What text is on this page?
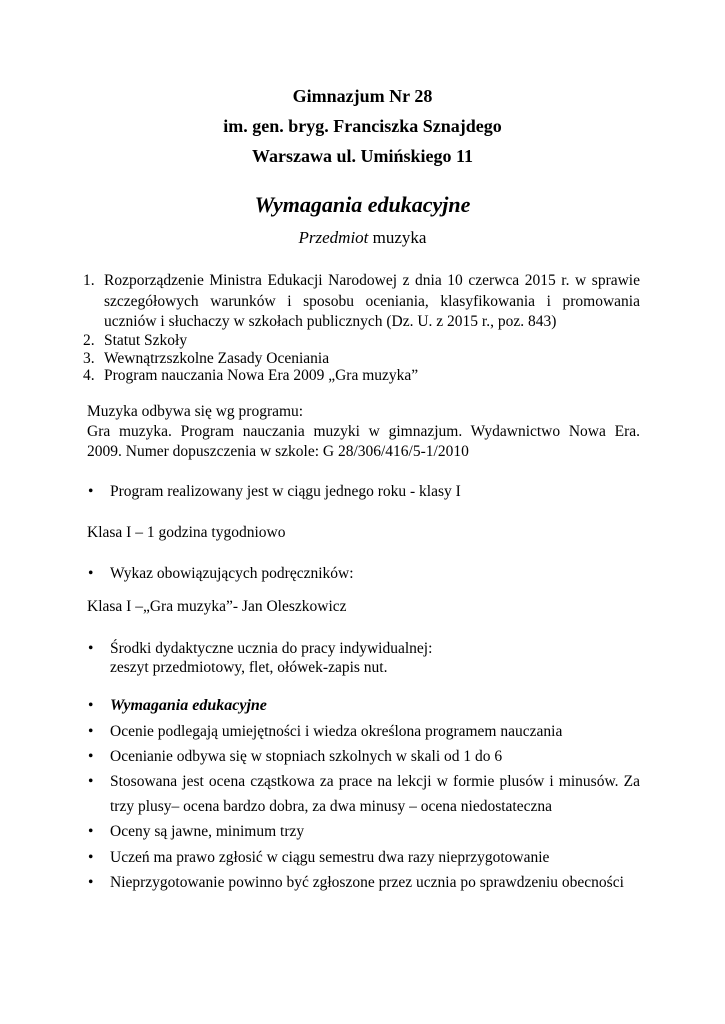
Gimnazjum Nr 28
im. gen. bryg. Franciszka Sznajdego
Warszawa ul. Umińskiego 11
Wymagania edukacyjne
Przedmiot muzyka
1. Rozporządzenie Ministra Edukacji Narodowej z dnia 10 czerwca 2015 r. w sprawie
szczegółowych warunków i sposobu oceniania, klasyfikowania i promowania
uczniów i słuchaczy w szkołach publicznych (Dz. U. z 2015 r., poz. 843)
2. Statut Szkoły
3. Wewnątrzszkolne Zasady Oceniania
4. Program nauczania Nowa Era 2009 „Gra muzyka”
Muzyka odbywa się wg programu:
Gra muzyka. Program nauczania muzyki w gimnazjum. Wydawnictwo Nowa Era.
2009. Numer dopuszczenia w szkole: G 28/306/416/5-1/2010
• Program realizowany jest w ciągu jednego roku - klasy I
Klasa I – 1 godzina tygodniowo
• Wykaz obowiązujących podręczników:
Klasa I –„Gra muzyka”- Jan Oleszkowicz
• Środki dydaktyczne ucznia do pracy indywidualnej:
zeszyt przedmiotowy, flet, ołówek-zapis nut.
• Wymagania edukacyjne
• Ocenie podlegają umiejętności i wiedza określona programem nauczania
• Ocenianie odbywa się w stopniach szkolnych w skali od 1 do 6
• Stosowana jest ocena cząstkowa za prace na lekcji w formie plusów i minusów. Za
trzy plusy– ocena bardzo dobra, za dwa minusy – ocena niedostateczna
• Oceny są jawne, minimum trzy
• Uczeń ma prawo zgłosić w ciągu semestru dwa razy nieprzygotowanie
• Nieprzygotowanie powinno być zgłoszone przez ucznia po sprawdzeniu obecności
